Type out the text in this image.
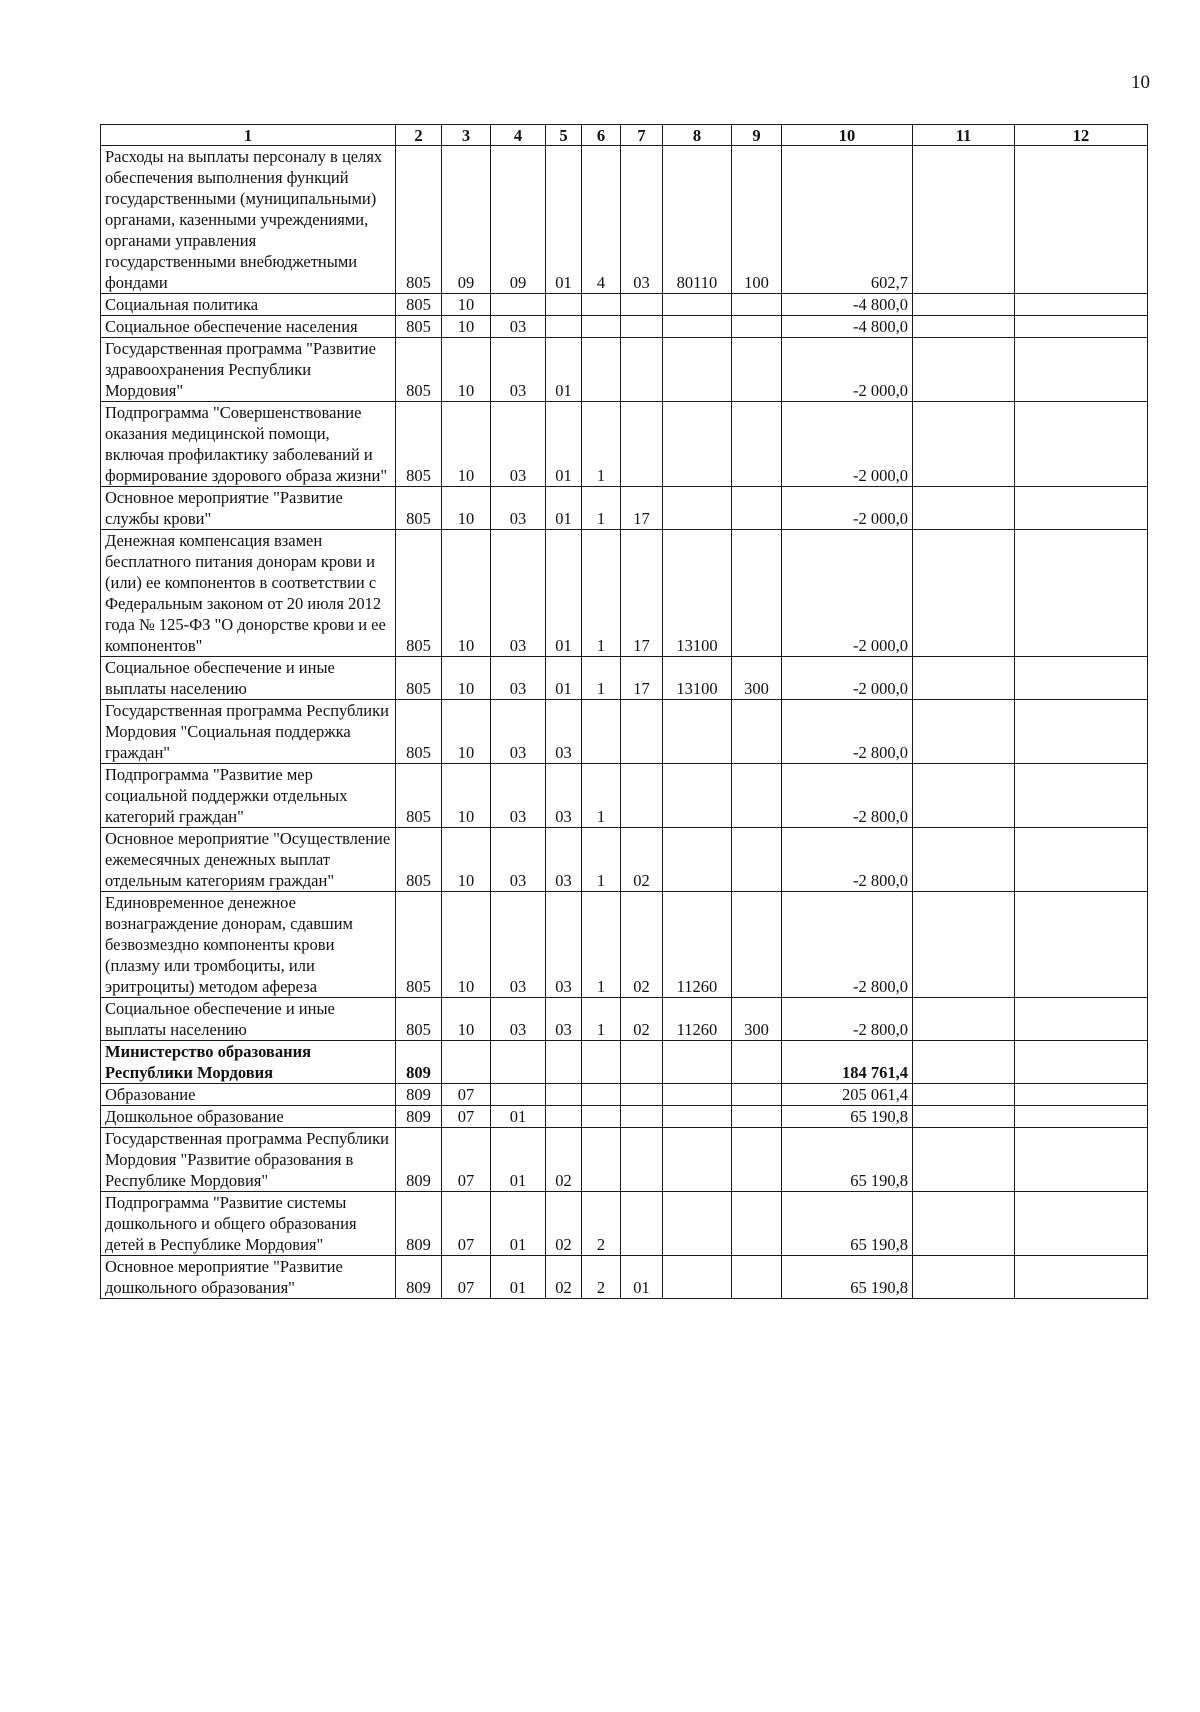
10
1	2	3	4	5	6	7	8	9	10	11	12
Расходы на выплаты персоналу в целях обеспечения выполнения функций государственными (муниципальными) органами, казенными учреждениями, органами управления государственными внебюджетными фондами	805	09	09	01	4	03	80110	100	602,7		
Социальная политика	805	10							-4 800,0		
Социальное обеспечение населения	805	10	03						-4 800,0		
Государственная программа "Развитие здравоохранения Республики Мордовия"	805	10	03	01					-2 000,0		
Подпрограмма "Совершенствование оказания медицинской помощи, включая профилактику заболеваний и формирование здорового образа жизни"	805	10	03	01	1				-2 000,0		
Основное мероприятие "Развитие службы крови"	805	10	03	01	1	17			-2 000,0		
Денежная компенсация взамен бесплатного питания донорам крови и (или) ее компонентов в соответствии с Федеральным законом от 20 июля 2012 года № 125-ФЗ "О донорстве крови и ее компонентов"	805	10	03	01	1	17	13100		-2 000,0		
Социальное обеспечение и иные выплаты населению	805	10	03	01	1	17	13100	300	-2 000,0		
Государственная программа Республики Мордовия "Социальная поддержка граждан"	805	10	03	03					-2 800,0		
Подпрограмма "Развитие мер социальной поддержки отдельных категорий граждан"	805	10	03	03	1				-2 800,0		
Основное мероприятие "Осуществление ежемесячных денежных выплат отдельным категориям граждан"	805	10	03	03	1	02			-2 800,0		
Единовременное денежное вознаграждение донорам, сдавшим безвозмездно компоненты крови (плазму или тромбоциты, или эритроциты) методом афереза	805	10	03	03	1	02	11260		-2 800,0		
Социальное обеспечение и иные выплаты населению	805	10	03	03	1	02	11260	300	-2 800,0		
Министерство образования Республики Мордовия	809								184 761,4		
Образование	809	07							205 061,4		
Дошкольное образование	809	07	01						65 190,8		
Государственная программа Республики Мордовия "Развитие образования в Республике Мордовия"	809	07	01	02					65 190,8		
Подпрограмма "Развитие системы дошкольного и общего образования детей в Республике Мордовия"	809	07	01	02	2				65 190,8		
Основное мероприятие "Развитие дошкольного образования"	809	07	01	02	2	01			65 190,8		
